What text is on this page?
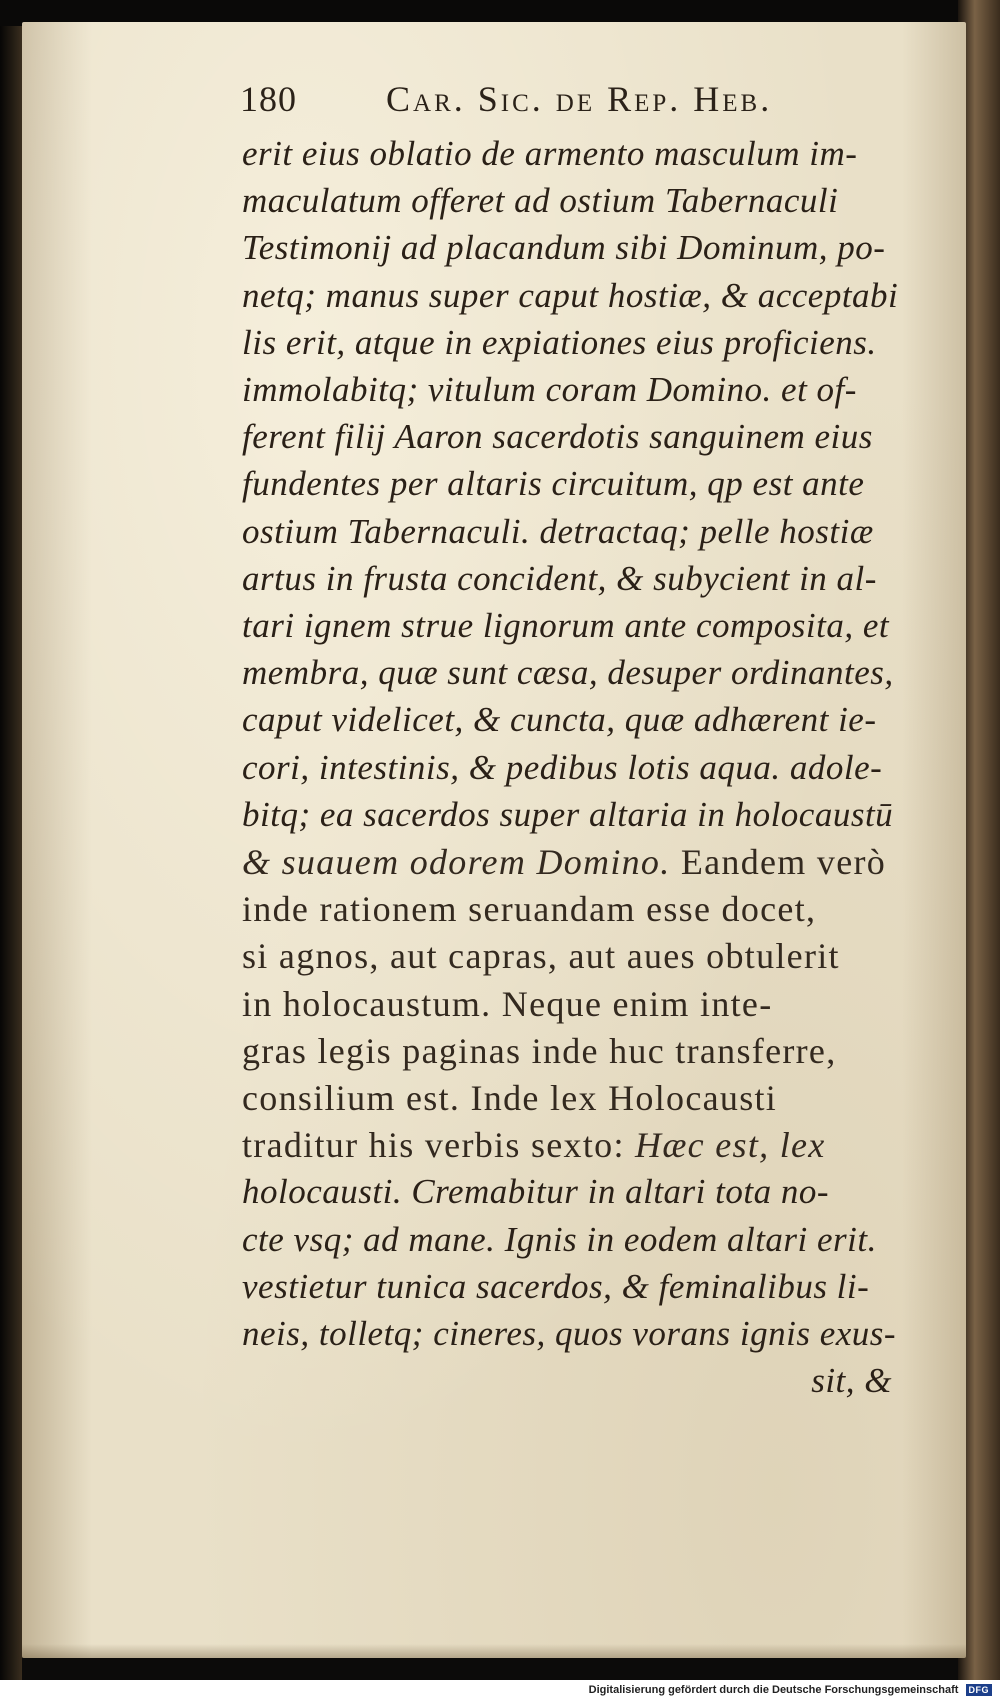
180 Car. Sic. de Rep. Heb.
erit eius oblatio de armento masculum im-
maculatum offeret ad ostium Tabernaculi
Testimonij ad placandum sibi Dominum, po-
netq; manus super caput hostiæ, & acceptabi
lis erit, atque in expiationes eius proficiens.
immolabitq; vitulum coram Domino. et of-
ferent filij Aaron sacerdotis sanguinem eius
fundentes per altaris circuitum, qp est ante
ostium Tabernaculi. detractaq; pelle hostiæ
artus in frusta concident, & subycient in al-
tari ignem strue lignorum ante composita, et
membra, quæ sunt cæsa, desuper ordinantes,
caput videlicet, & cuncta, quæ adhærent ie-
cori, intestinis, & pedibus lotis aqua. adole-
bitq; ea sacerdos super altaria in holocaustū
& suauem odorem Domino. Eandem verò
inde rationem seruandam esse docet,
si agnos, aut capras, aut aues obtulerit
in holocaustum. Neque enim inte-
gras legis paginas inde huc transferre,
consilium est. Inde lex Holocausti
traditur his verbis sexto: Hæc est, lex
holocausti. Cremabitur in altari tota no-
cte vsq; ad mane. Ignis in eodem altari erit.
vestietur tunica sacerdos, & feminalibus li-
neis, tolletq; cineres, quos vorans ignis exus-
sit, &
Digitalisierung gefördert durch die Deutsche Forschungsgemeinschaft DFG
